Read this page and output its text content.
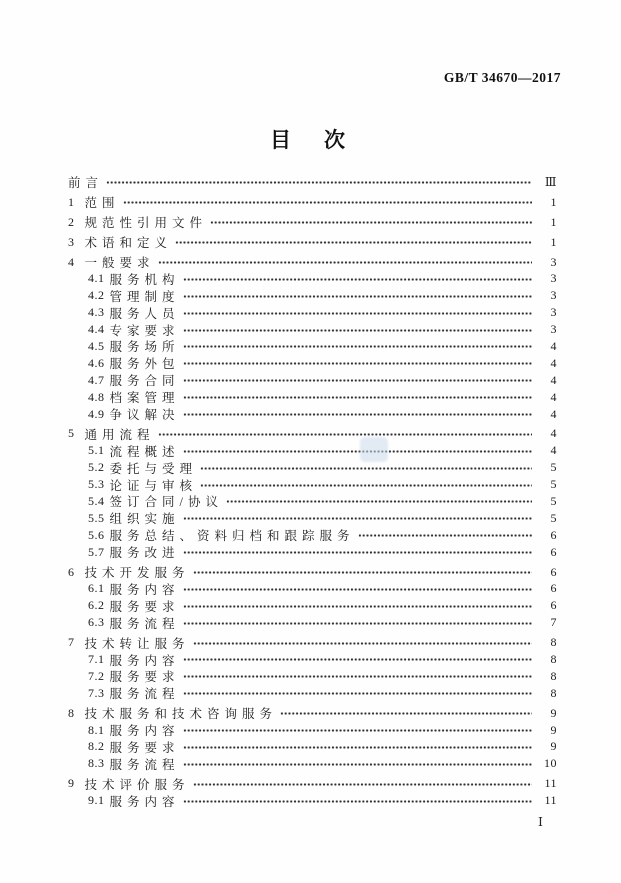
GB/T 34670—2017
目　次
前言	Ⅲ
1 范围	1
2 规范性引用文件	1
3 术语和定义	1
4 一般要求	3
4.1 服务机构	3
4.2 管理制度	3
4.3 服务人员	3
4.4 专家要求	3
4.5 服务场所	4
4.6 服务外包	4
4.7 服务合同	4
4.8 档案管理	4
4.9 争议解决	4
5 通用流程	4
5.1 流程概述	4
5.2 委托与受理	5
5.3 论证与审核	5
5.4 签订合同/协议	5
5.5 组织实施	5
5.6 服务总结、资料归档和跟踪服务	6
5.7 服务改进	6
6 技术开发服务	6
6.1 服务内容	6
6.2 服务要求	6
6.3 服务流程	7
7 技术转让服务	8
7.1 服务内容	8
7.2 服务要求	8
7.3 服务流程	8
8 技术服务和技术咨询服务	9
8.1 服务内容	9
8.2 服务要求	9
8.3 服务流程	10
9 技术评价服务	11
9.1 服务内容	11
Ⅰ
